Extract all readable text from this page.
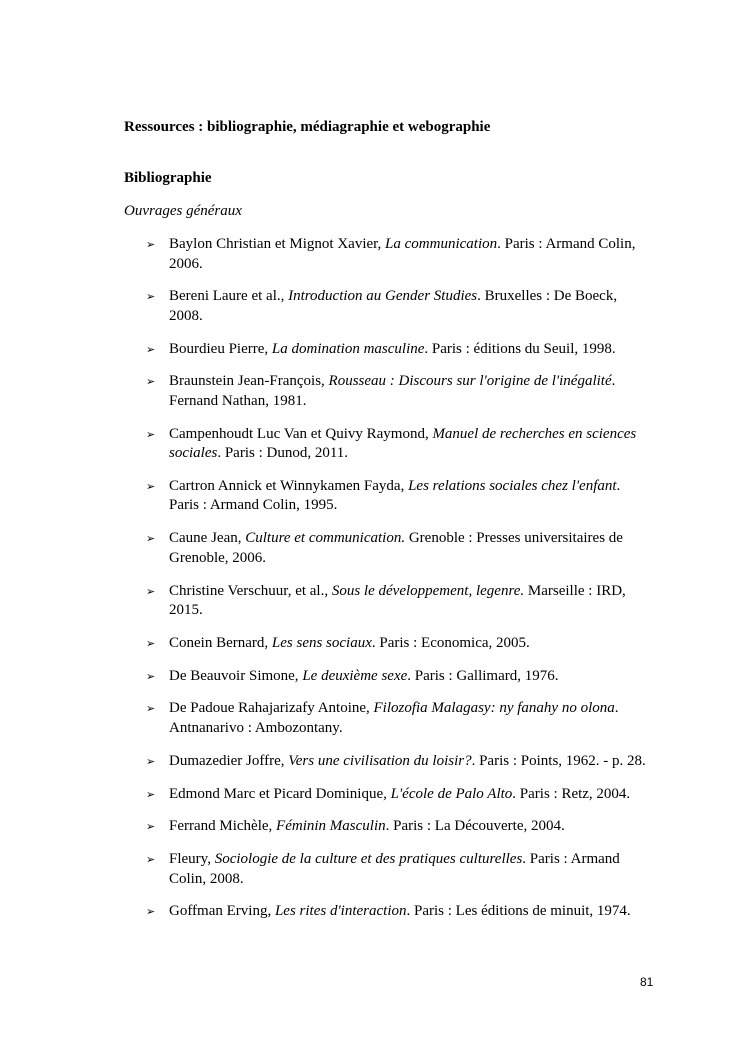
Ressources : bibliographie, médiagraphie et webographie
Bibliographie
Ouvrages généraux
➢ Baylon Christian et Mignot Xavier, La communication. Paris : Armand Colin, 2006.
➢ Bereni Laure et al., Introduction au Gender Studies. Bruxelles : De Boeck, 2008.
➢ Bourdieu Pierre, La domination masculine. Paris : éditions du Seuil, 1998.
➢ Braunstein Jean-François, Rousseau : Discours sur l'origine de l'inégalité. Fernand Nathan, 1981.
➢ Campenhoudt Luc Van et Quivy Raymond, Manuel de recherches en sciences sociales. Paris : Dunod, 2011.
➢ Cartron Annick et Winnykamen Fayda, Les relations sociales chez l'enfant. Paris : Armand Colin, 1995.
➢ Caune Jean, Culture et communication. Grenoble : Presses universitaires de Grenoble, 2006.
➢ Christine Verschuur, et al., Sous le développement, legenre. Marseille : IRD, 2015.
➢ Conein Bernard, Les sens sociaux. Paris : Economica, 2005.
➢ De Beauvoir Simone, Le deuxième sexe. Paris : Gallimard, 1976.
➢ De Padoue Rahajarizafy Antoine, Filozofia Malagasy: ny fanahy no olona. Antnanarivo : Ambozontany.
➢ Dumazedier Joffre, Vers une civilisation du loisir?. Paris : Points, 1962. - p. 28.
➢ Edmond Marc et Picard Dominique, L'école de Palo Alto. Paris : Retz, 2004.
➢ Ferrand Michèle, Féminin Masculin. Paris : La Découverte, 2004.
➢ Fleury, Sociologie de la culture et des pratiques culturelles. Paris : Armand Colin, 2008.
➢ Goffman Erving, Les rites d'interaction. Paris : Les éditions de minuit, 1974.
81
